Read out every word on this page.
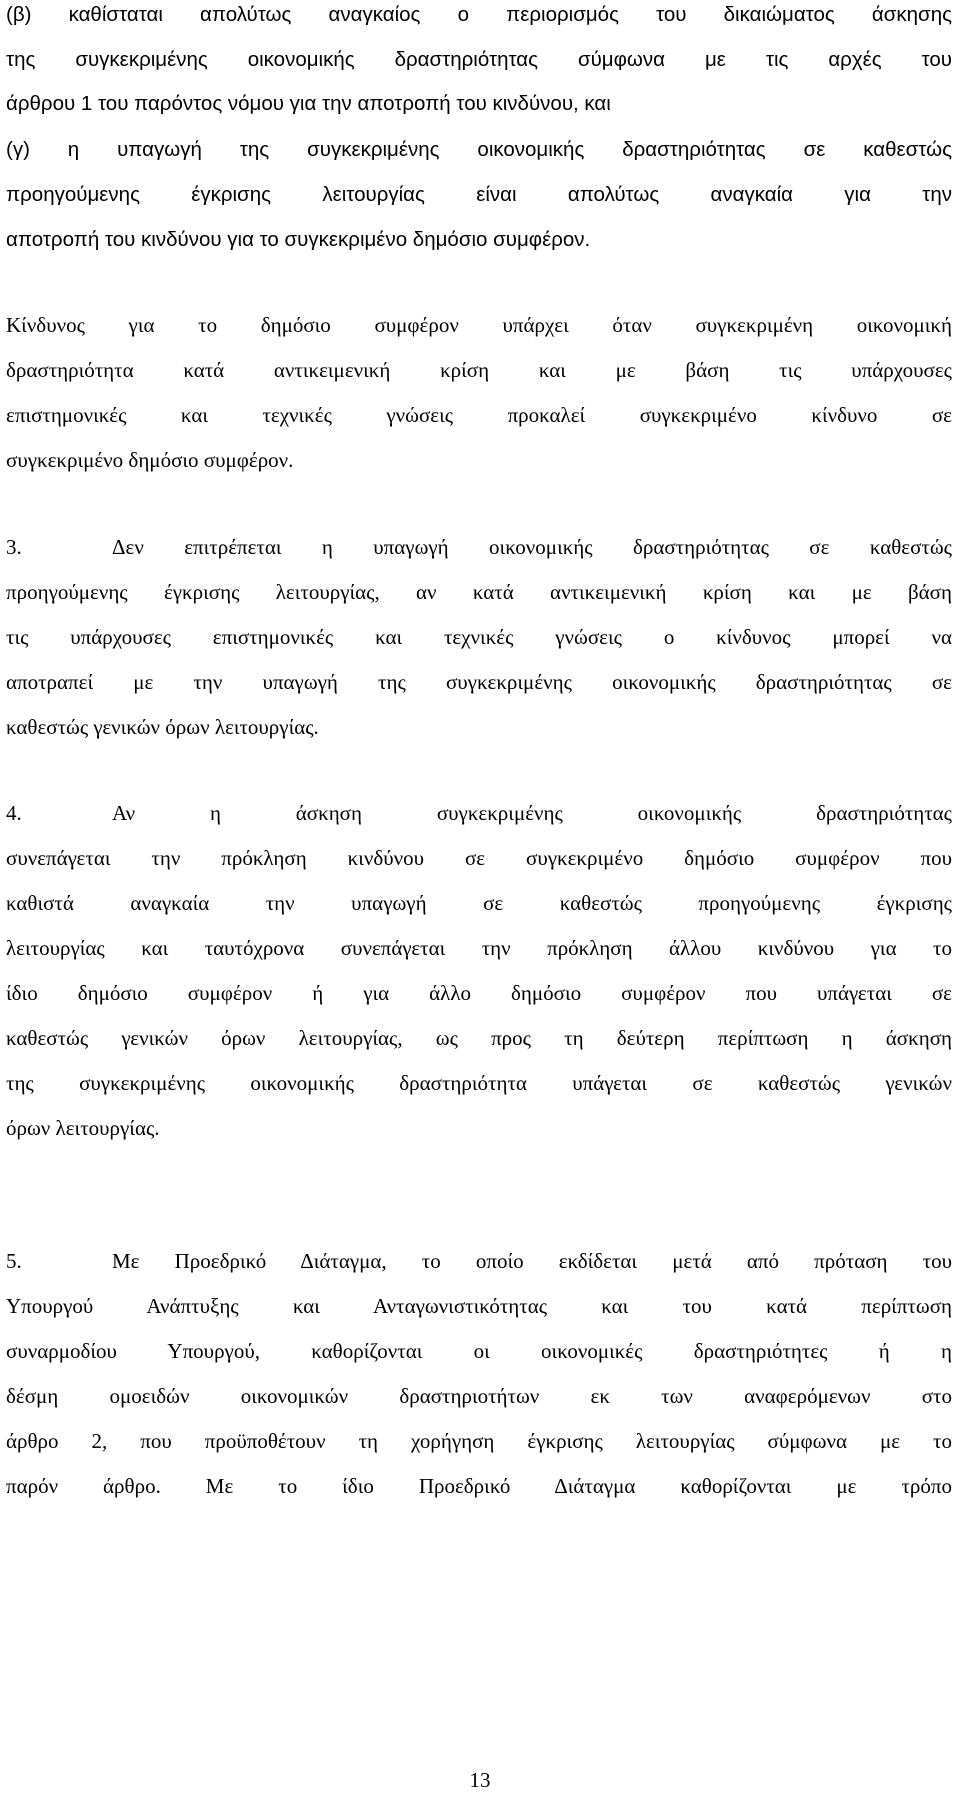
(β) καθίσταται απολύτως αναγκαίος ο περιορισμός του δικαιώματος άσκησης
της συγκεκριμένης οικονομικής δραστηριότητας σύμφωνα με τις αρχές του
άρθρου 1 του παρόντος νόμου για την αποτροπή του κινδύνου, και
(γ) η υπαγωγή της συγκεκριμένης οικονομικής δραστηριότητας σε καθεστώς
προηγούμενης έγκρισης λειτουργίας είναι απολύτως αναγκαία για την
αποτροπή του κινδύνου για το συγκεκριμένο δημόσιο συμφέρον.
Κίνδυνος για το δημόσιο συμφέρον υπάρχει όταν συγκεκριμένη οικονομική
δραστηριότητα κατά αντικειμενική κρίση και με βάση τις υπάρχουσες
επιστημονικές και τεχνικές γνώσεις προκαλεί συγκεκριμένο κίνδυνο σε
συγκεκριμένο δημόσιο συμφέρον.
3.	Δεν επιτρέπεται η υπαγωγή οικονομικής δραστηριότητας σε καθεστώς
προηγούμενης έγκρισης λειτουργίας, αν κατά αντικειμενική κρίση και με βάση
τις υπάρχουσες επιστημονικές και τεχνικές γνώσεις ο κίνδυνος μπορεί να
αποτραπεί με την υπαγωγή της συγκεκριμένης οικονομικής δραστηριότητας σε
καθεστώς γενικών όρων λειτουργίας.
4.	Αν η άσκηση συγκεκριμένης οικονομικής δραστηριότητας
συνεπάγεται την πρόκληση κινδύνου σε συγκεκριμένο δημόσιο συμφέρον που
καθιστά αναγκαία την υπαγωγή σε καθεστώς προηγούμενης έγκρισης
λειτουργίας και ταυτόχρονα συνεπάγεται την πρόκληση άλλου κινδύνου για το
ίδιο δημόσιο συμφέρον ή για άλλο δημόσιο συμφέρον που υπάγεται σε
καθεστώς γενικών όρων λειτουργίας, ως προς τη δεύτερη περίπτωση η άσκηση
της συγκεκριμένης οικονομικής δραστηριότητα υπάγεται σε καθεστώς γενικών
όρων λειτουργίας.
5.	Με Προεδρικό Διάταγμα, το οποίο εκδίδεται μετά από πρόταση του
Υπουργού Ανάπτυξης και Ανταγωνιστικότητας και του κατά περίπτωση
συναρμοδίου Υπουργού, καθορίζονται οι οικονομικές δραστηριότητες ή η
δέσμη ομοειδών οικονομικών δραστηριοτήτων εκ των αναφερόμενων στο
άρθρο 2, που προϋποθέτουν τη χορήγηση έγκρισης λειτουργίας σύμφωνα με το
παρόν άρθρο. Με το ίδιο Προεδρικό Διάταγμα καθορίζονται με τρόπο
13
